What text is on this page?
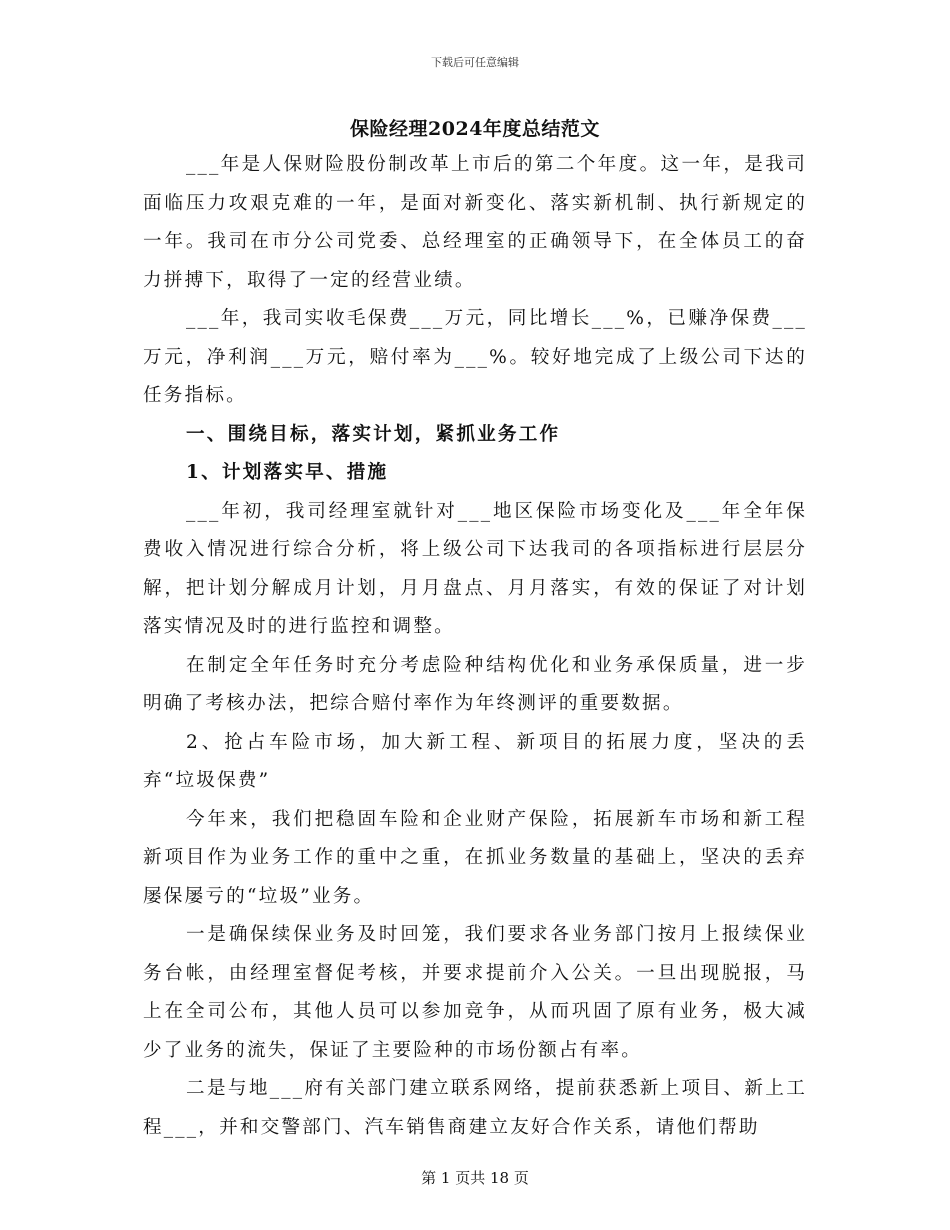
下载后可任意编辑
保险经理2024年度总结范文

___年是人保财险股份制改革上市后的第二个年度。这一年，是我司面临压力攻艰克难的一年，是面对新变化、落实新机制、执行新规定的一年。我司在市分公司党委、总经理室的正确领导下，在全体员工的奋力拼搏下，取得了一定的经营业绩。

___年，我司实收毛保费___万元，同比增长___%，已赚净保费___万元，净利润___万元，赔付率为___%。较好地完成了上级公司下达的任务指标。

一、围绕目标，落实计划，紧抓业务工作

1、计划落实早、措施

___年初，我司经理室就针对___地区保险市场变化及___年全年保费收入情况进行综合分析，将上级公司下达我司的各项指标进行层层分解，把计划分解成月计划，月月盘点、月月落实，有效的保证了对计划落实情况及时的进行监控和调整。

在制定全年任务时充分考虑险种结构优化和业务承保质量，进一步明确了考核办法，把综合赔付率作为年终测评的重要数据。

2、抢占车险市场，加大新工程、新项目的拓展力度，坚决的丢弃“垃圾保费”

今年来，我们把稳固车险和企业财产保险，拓展新车市场和新工程新项目作为业务工作的重中之重，在抓业务数量的基础上，坚决的丢弃屡保屡亏的“垃圾”业务。

一是确保续保业务及时回笼，我们要求各业务部门按月上报续保业务台帐，由经理室督促考核，并要求提前介入公关。一旦出现脱报，马上在全司公布，其他人员可以参加竞争，从而巩固了原有业务，极大减少了业务的流失，保证了主要险种的市场份额占有率。

二是与地___府有关部门建立联系网络，提前获悉新上项目、新上工程___，并和交警部门、汽车销售商建立友好合作关系，请他们帮助

第 1 页共 18 页
